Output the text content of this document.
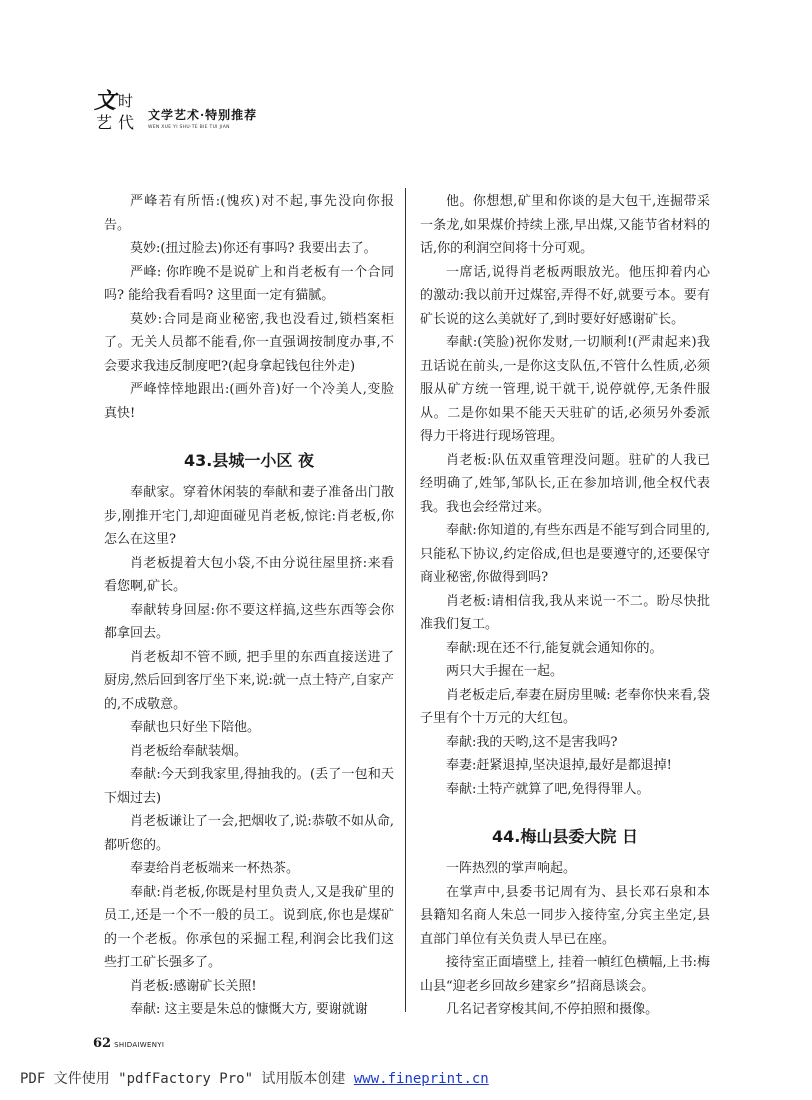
文 时
艺 代 文学艺术·特别推荐
WEN XUE YI SHU·TE BIE TUI JIAN

严峰若有所悟:(愧疚)对不起,事先没向你报告。

莫妙:(扭过脸去)你还有事吗? 我要出去了。

严峰: 你昨晚不是说矿上和肖老板有一个合同吗? 能给我看看吗? 这里面一定有猫腻。

莫妙:合同是商业秘密,我也没看过,锁档案柜了。无关人员都不能看,你一直强调按制度办事,不会要求我违反制度吧?(起身拿起钱包往外走)

严峰悻悻地跟出:(画外音)好一个冷美人,变脸真快!

43.县城一小区 夜

奉献家。穿着休闲装的奉献和妻子准备出门散步,刚推开宅门,却迎面碰见肖老板,惊诧:肖老板,你怎么在这里?

肖老板提着大包小袋,不由分说往屋里挤:来看看您啊,矿长。

奉献转身回屋:你不要这样搞,这些东西等会你都拿回去。

肖老板却不管不顾, 把手里的东西直接送进了厨房,然后回到客厅坐下来,说:就一点土特产,自家产的,不成敬意。

奉献也只好坐下陪他。

肖老板给奉献装烟。

奉献:今天到我家里,得抽我的。(丢了一包和天下烟过去)

肖老板谦让了一会,把烟收了,说:恭敬不如从命,都听您的。

奉妻给肖老板端来一杯热茶。

奉献:肖老板,你既是村里负责人,又是我矿里的员工,还是一个不一般的员工。说到底,你也是煤矿的一个老板。你承包的采掘工程,利润会比我们这些打工矿长强多了。

肖老板:感谢矿长关照!

奉献: 这主要是朱总的慷慨大方, 要谢就谢

他。你想想,矿里和你谈的是大包干,连掘带采一条龙,如果煤价持续上涨,早出煤,又能节省材料的话,你的利润空间将十分可观。

一席话,说得肖老板两眼放光。他压抑着内心的激动:我以前开过煤窑,弄得不好,就要亏本。要有矿长说的这么美就好了,到时要好好感谢矿长。

奉献:(笑脸)祝你发财,一切顺利!(严肃起来)我丑话说在前头,一是你这支队伍,不管什么性质,必须服从矿方统一管理,说干就干,说停就停,无条件服从。二是你如果不能天天驻矿的话,必须另外委派得力干将进行现场管理。

肖老板:队伍双重管理没问题。驻矿的人我已经明确了,姓邹,邹队长,正在参加培训,他全权代表我。我也会经常过来。

奉献:你知道的,有些东西是不能写到合同里的,只能私下协议,约定俗成,但也是要遵守的,还要保守商业秘密,你做得到吗?

肖老板:请相信我,我从来说一不二。盼尽快批准我们复工。

奉献:现在还不行,能复就会通知你的。

两只大手握在一起。

肖老板走后,奉妻在厨房里喊: 老奉你快来看,袋子里有个十万元的大红包。

奉献:我的天哟,这不是害我吗?

奉妻:赶紧退掉,坚决退掉,最好是都退掉!

奉献:土特产就算了吧,免得得罪人。

44.梅山县委大院 日

一阵热烈的掌声响起。

在掌声中,县委书记周有为、县长邓石泉和本县籍知名商人朱总一同步入接待室,分宾主坐定,县直部门单位有关负责人早已在座。

接待室正面墙壁上, 挂着一幀红色横幅,上书:梅山县“迎老乡回故乡建家乡”招商恳谈会。

几名记者穿梭其间,不停拍照和摄像。

62 SHIDAIWENYI
PDF 文件使用 "pdfFactory Pro" 试用版本创建 www.fineprint.cn
